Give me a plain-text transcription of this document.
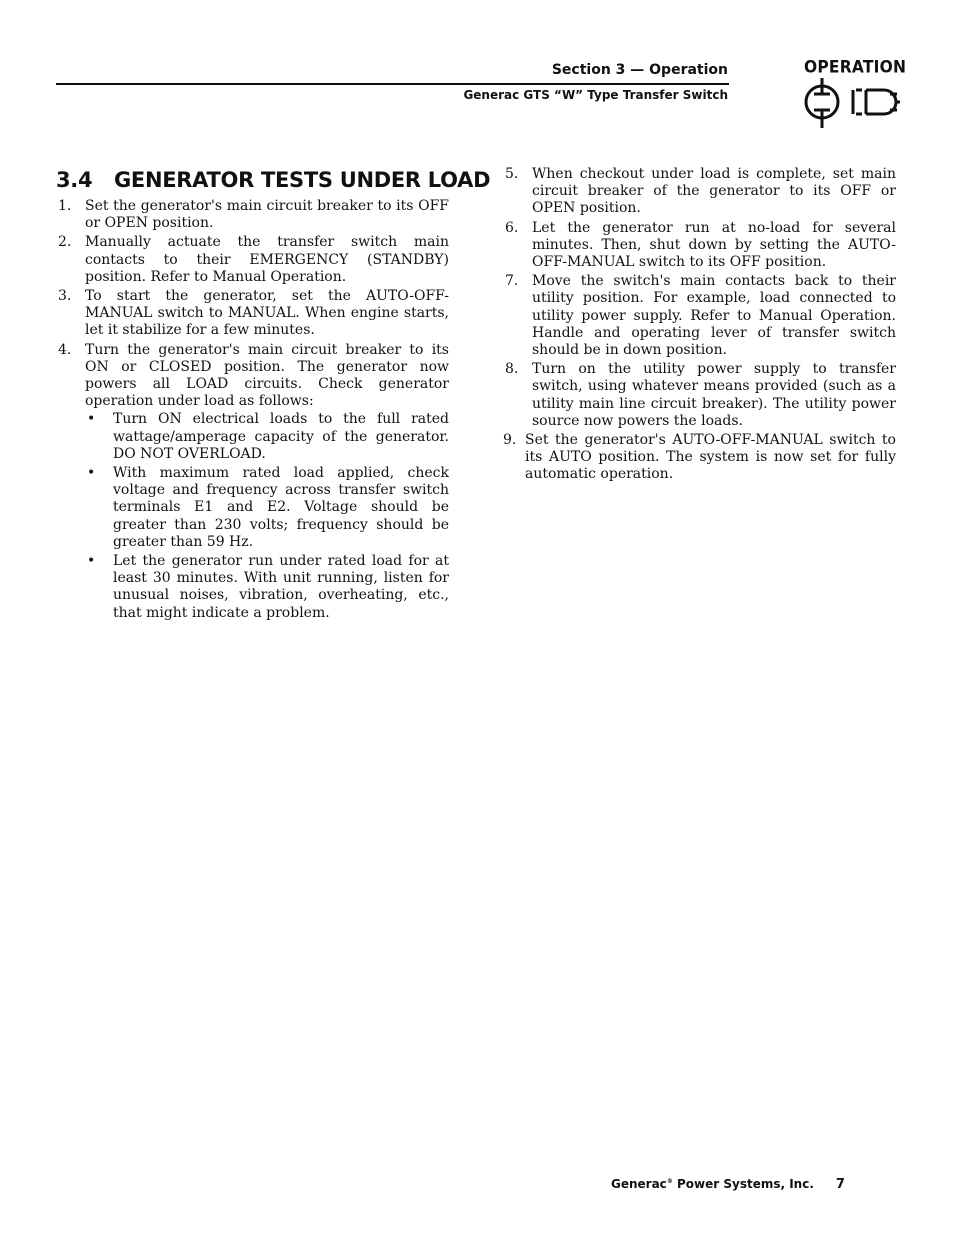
Section 3 — Operation
Generac GTS “W” Type Transfer Switch
OPERATION
3.4 GENERATOR TESTS UNDER LOAD
1. Set the generator's main circuit breaker to its OFF or OPEN position.
2. Manually actuate the transfer switch main contacts to their EMERGENCY (STANDBY) position. Refer to Manual Operation.
3. To start the generator, set the AUTO-OFF-MANUAL switch to MANUAL. When engine starts, let it stabilize for a few minutes.
4. Turn the generator's main circuit breaker to its ON or CLOSED position. The generator now powers all LOAD circuits. Check generator operation under load as follows:
• Turn ON electrical loads to the full rated wattage/amperage capacity of the generator. DO NOT OVERLOAD.
• With maximum rated load applied, check voltage and frequency across transfer switch terminals E1 and E2. Voltage should be greater than 230 volts; frequency should be greater than 59 Hz.
• Let the generator run under rated load for at least 30 minutes. With unit running, listen for unusual noises, vibration, overheating, etc., that might indicate a problem.
5. When checkout under load is complete, set main circuit breaker of the generator to its OFF or OPEN position.
6. Let the generator run at no-load for several minutes. Then, shut down by setting the AUTO-OFF-MANUAL switch to its OFF position.
7. Move the switch's main contacts back to their utility position. For example, load connected to utility power supply. Refer to Manual Operation. Handle and operating lever of transfer switch should be in down position.
8. Turn on the utility power supply to transfer switch, using whatever means provided (such as a utility main line circuit breaker). The utility power source now powers the loads.
9. Set the generator's AUTO-OFF-MANUAL switch to its AUTO position. The system is now set for fully automatic operation.
Generac® Power Systems, Inc. 7
